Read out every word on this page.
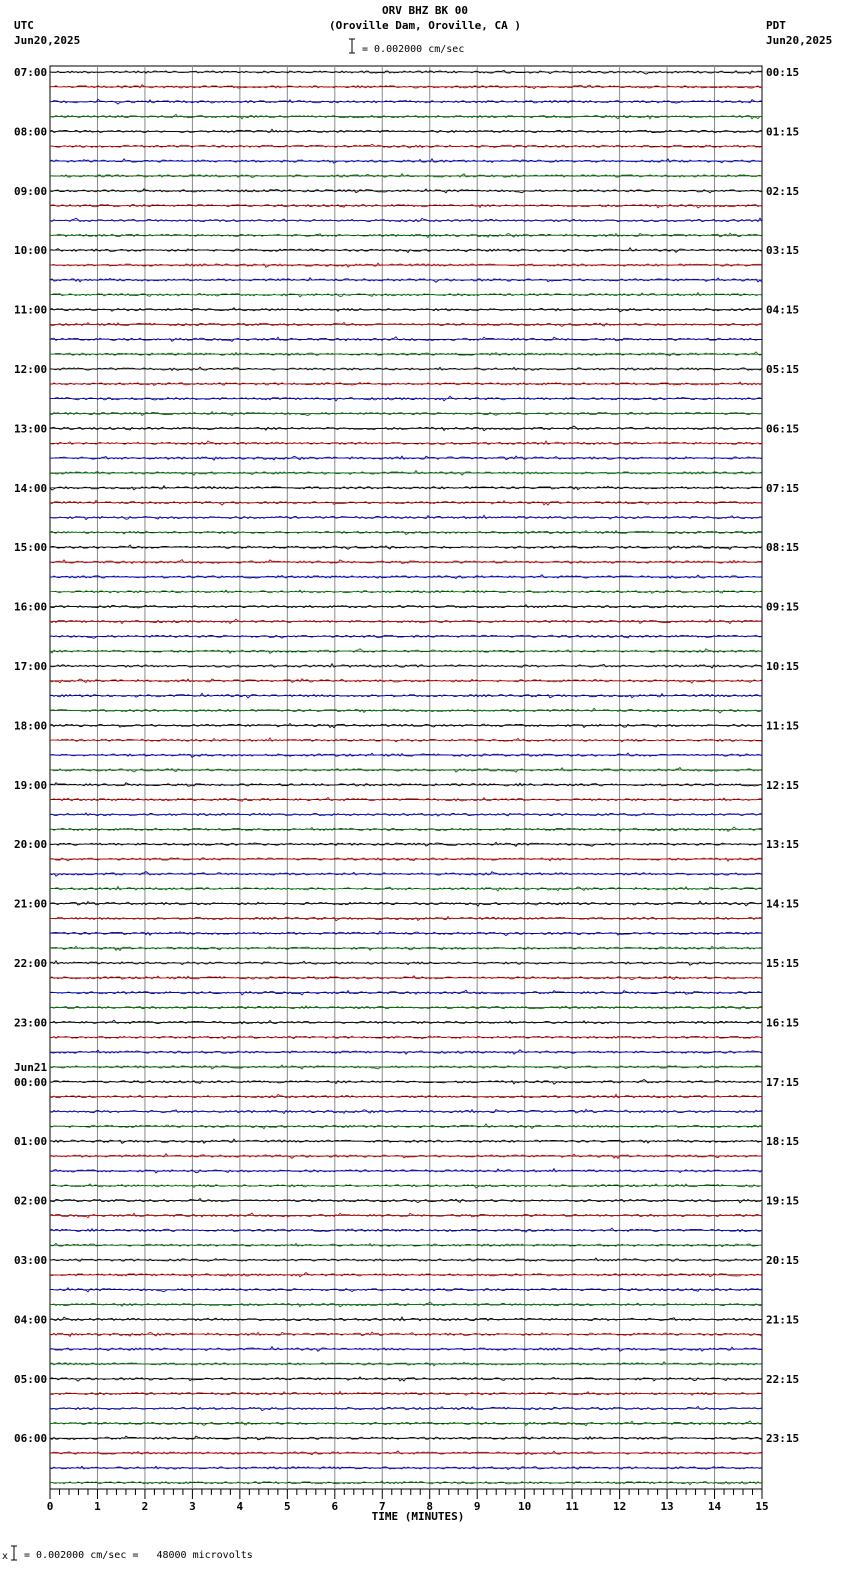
ORV BHZ BK 00
(Oroville Dam, Oroville, CA )
UTC
Jun20,2025
PDT
Jun20,2025
0	1	2	3	4	5	6	7	8	9	10	11	12	13	14	15
07:00
08:00
09:00
10:00
11:00
12:00
13:00
14:00
15:00
16:00
17:00
18:00
19:00
20:00
21:00
22:00
23:00
Jun21
00:00
01:00
02:00
03:00
04:00
05:00
06:00
00:15
01:15
02:15
03:15
04:15
05:15
06:15
07:15
08:15
09:15
10:15
11:15
12:15
13:15
14:15
15:15
16:15
17:15
18:15
19:15
20:15
21:15
22:15
23:15
= 0.002000 cm/sec
TIME (MINUTES)
x = 0.002000 cm/sec =   48000 microvolts
